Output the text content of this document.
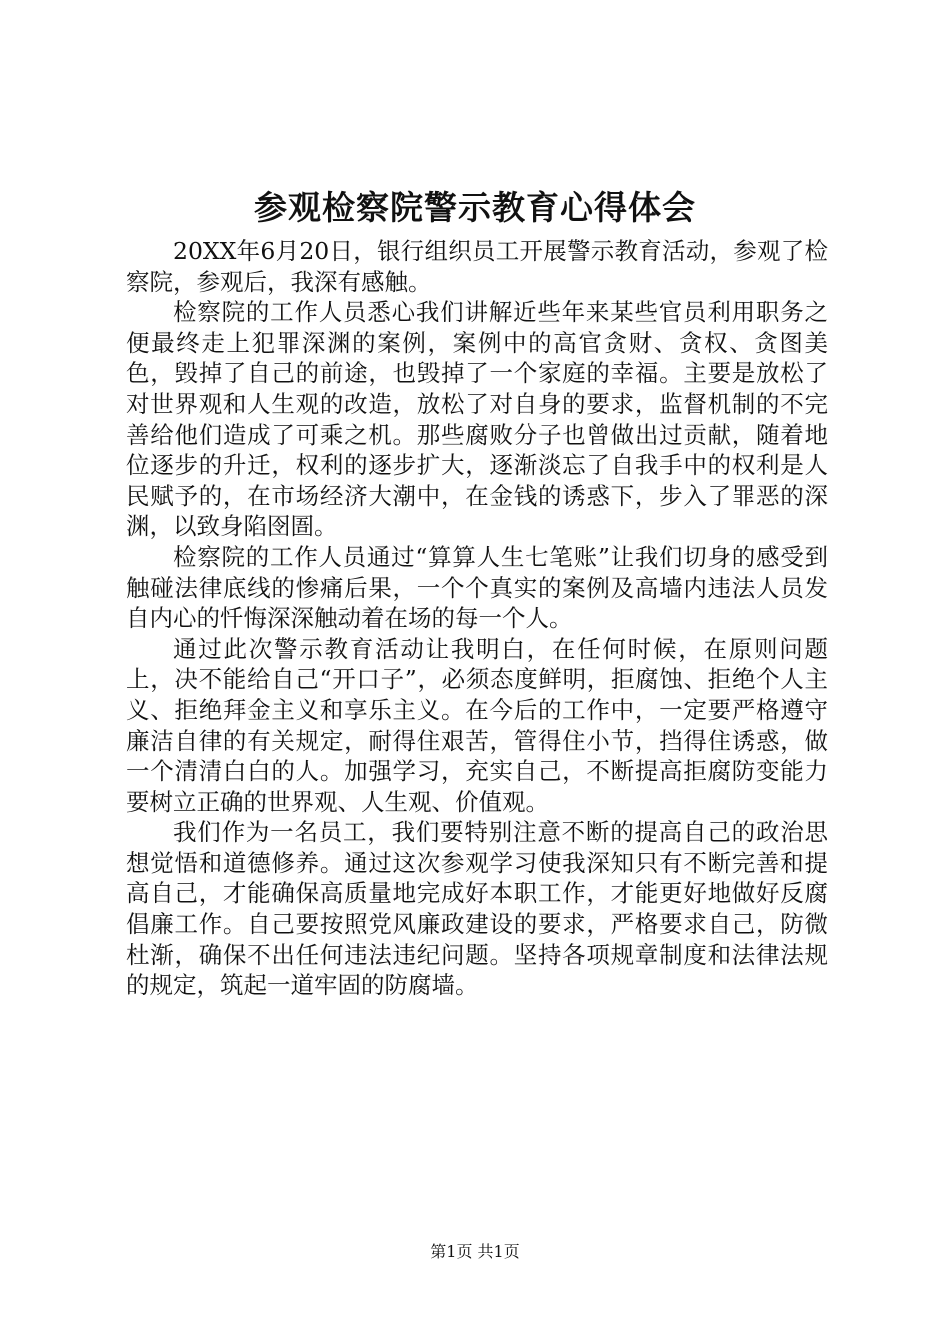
参观检察院警示教育心得体会

20XX年6月20日，银行组织员工开展警示教育活动，参观了检察院，参观后，我深有感触。

检察院的工作人员悉心我们讲解近些年来某些官员利用职务之便最终走上犯罪深渊的案例，案例中的高官贪财、贪权、贪图美色，毁掉了自己的前途，也毁掉了一个家庭的幸福。主要是放松了对世界观和人生观的改造，放松了对自身的要求，监督机制的不完善给他们造成了可乘之机。那些腐败分子也曾做出过贡献，随着地位逐步的升迁，权利的逐步扩大，逐渐淡忘了自我手中的权利是人民赋予的，在市场经济大潮中，在金钱的诱惑下，步入了罪恶的深渊，以致身陷囹圄。

检察院的工作人员通过“算算人生七笔账”让我们切身的感受到触碰法律底线的惨痛后果，一个个真实的案例及高墙内违法人员发自内心的忏悔深深触动着在场的每一个人。

通过此次警示教育活动让我明白，在任何时候，在原则问题上，决不能给自己“开口子”，必须态度鲜明，拒腐蚀、拒绝个人主义、拒绝拜金主义和享乐主义。在今后的工作中，一定要严格遵守廉洁自律的有关规定，耐得住艰苦，管得住小节，挡得住诱惑，做一个清清白白的人。加强学习，充实自己，不断提高拒腐防变能力要树立正确的世界观、人生观、价值观。

我们作为一名员工，我们要特别注意不断的提高自己的政治思想觉悟和道德修养。通过这次参观学习使我深知只有不断完善和提高自己，才能确保高质量地完成好本职工作，才能更好地做好反腐倡廉工作。自己要按照党风廉政建设的要求，严格要求自己，防微杜渐，确保不出任何违法违纪问题。坚持各项规章制度和法律法规的规定，筑起一道牢固的防腐墙。

第1页 共1页
